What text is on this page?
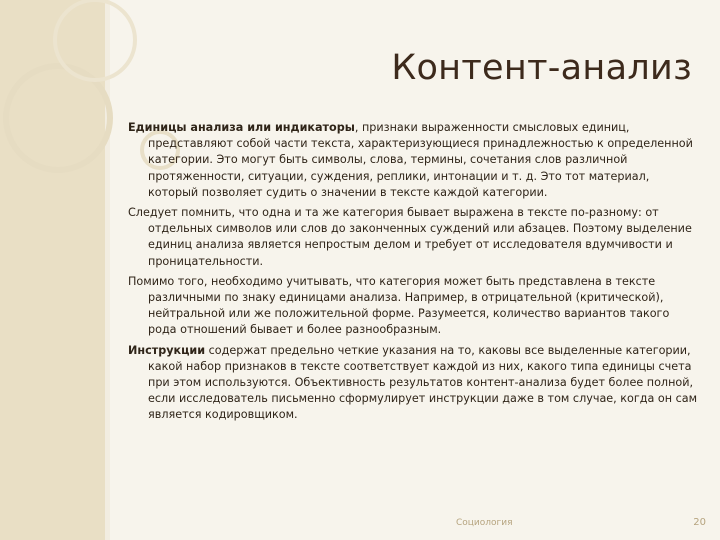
Контент-анализ

Единицы анализа или индикаторы, признаки выраженности смысловых единиц, представляют собой части текста, характеризующиеся принадлежностью к определенной категории. Это могут быть символы, слова, термины, сочетания слов различной протяженности, ситуации, суждения, реплики, интонации и т. д. Это тот материал, который позволяет судить о значении в тексте каждой категории.

Следует помнить, что одна и та же категория бывает выражена в тексте по-разному: от отдельных символов или слов до законченных суждений или абзацев. Поэтому выделение единиц анализа является непростым делом и требует от исследователя вдумчивости и проницательности.

Помимо того, необходимо учитывать, что категория может быть представлена в тексте различными по знаку единицами анализа. Например, в отрицательной (критической), нейтральной или же положительной форме. Разумеется, количество вариантов такого рода отношений бывает и более разнообразным.

Инструкции содержат предельно четкие указания на то, каковы все выделенные категории, какой набор признаков в тексте соответствует каждой из них, какого типа единицы счета при этом используются. Объективность результатов контент-анализа будет более полной, если исследователь письменно сформулирует инструкции даже в том случае, когда он сам является кодировщиком.

Социология	20
